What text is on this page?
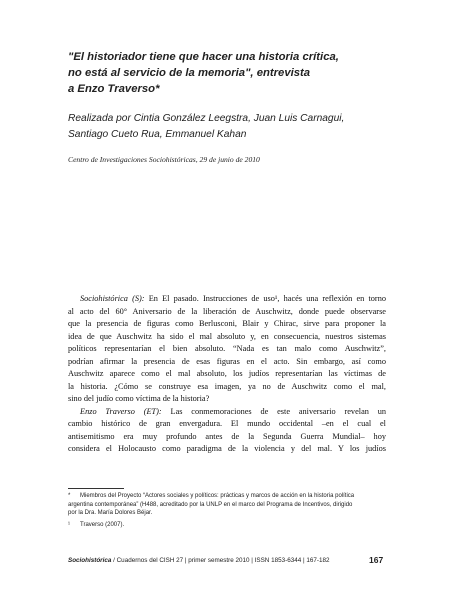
"El historiador tiene que hacer una historia crítica,
no está al servicio de la memoria", entrevista
a Enzo Traverso*
Realizada por Cintia González Leegstra, Juan Luis Carnagui,
Santiago Cueto Rua, Emmanuel Kahan
Centro de Investigaciones Sociohistóricas, 29 de junio de 2010
Sociohistórica (S): En El pasado. Instrucciones de uso¹, hacés una reflexión en torno
al acto del 60° Aniversario de la liberación de Auschwitz, donde puede observarse
que la presencia de figuras como Berlusconi, Blair y Chirac, sirve para proponer la
idea de que Auschwitz ha sido el mal absoluto y, en consecuencia, nuestros sistemas
políticos representarían el bien absoluto. “Nada es tan malo como Auschwitz”,
podrían afirmar la presencia de esas figuras en el acto. Sin embargo, así como
Auschwitz aparece como el mal absoluto, los judíos representarían las víctimas de
la historia. ¿Cómo se construye esa imagen, ya no de Auschwitz como el mal,
sino del judío como víctima de la historia?
Enzo Traverso (ET): Las conmemoraciones de este aniversario revelan un
cambio histórico de gran envergadura. El mundo occidental –en el cual el
antisemitismo era muy profundo antes de la Segunda Guerra Mundial– hoy
considera el Holocausto como paradigma de la violencia y del mal. Y los judíos
* Miembros del Proyecto “Actores sociales y políticos: prácticas y marcos de acción en la historia política
argentina contemporánea” (H488, acreditado por la UNLP en el marco del Programa de Incentivos, dirigido
por la Dra. María Dolores Béjar.
¹ Traverso (2007).
Sociohistórica / Cuadernos del CISH 27 | primer semestre 2010 | ISSN 1853-6344 | 167-182	167
